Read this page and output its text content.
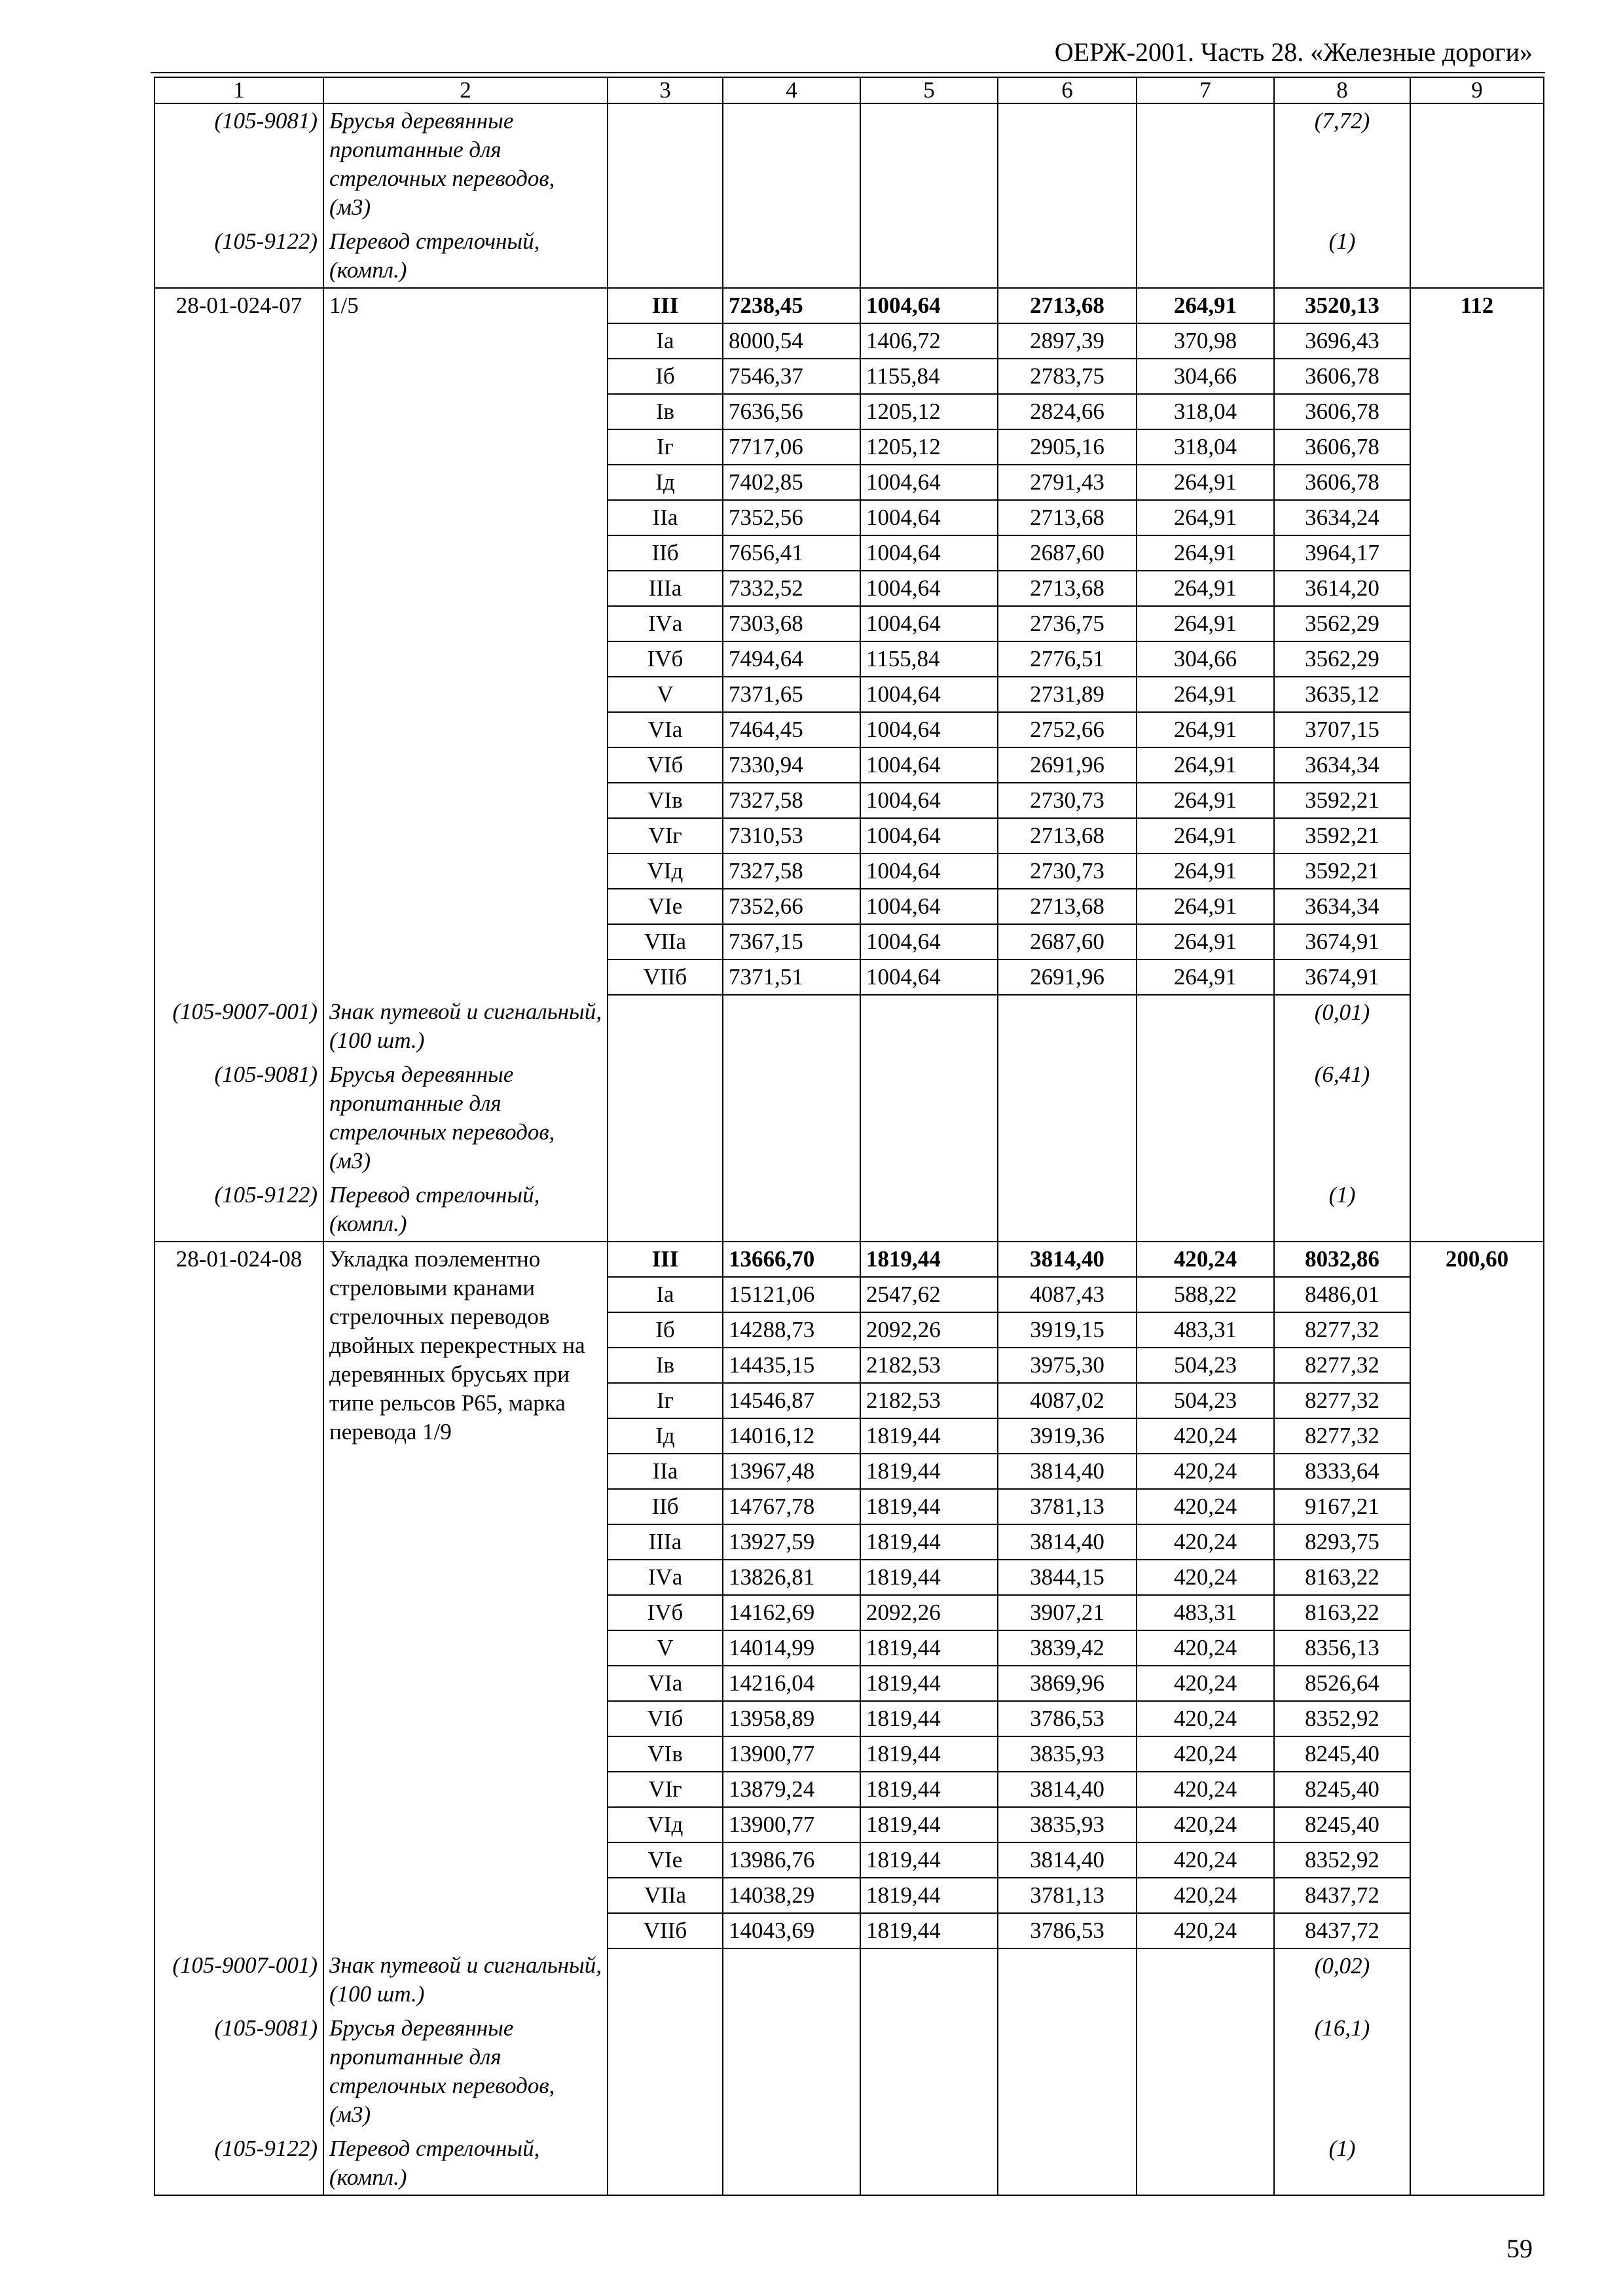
ОЕРЖ-2001. Часть 28. «Железные дороги»
1	2	3	4	5	6	7	8	9
(105-9081)	Брусья деревянные пропитанные для стрелочных переводов, (м3)						(7,72)	
(105-9122)	Перевод стрелочный, (компл.)						(1)	
28-01-024-07	1/5	III	7238,45	1004,64	2713,68	264,91	3520,13	112
		Iа	8000,54	1406,72	2897,39	370,98	3696,43	
		Iб	7546,37	1155,84	2783,75	304,66	3606,78	
		Iв	7636,56	1205,12	2824,66	318,04	3606,78	
		Iг	7717,06	1205,12	2905,16	318,04	3606,78	
		Iд	7402,85	1004,64	2791,43	264,91	3606,78	
		IIа	7352,56	1004,64	2713,68	264,91	3634,24	
		IIб	7656,41	1004,64	2687,60	264,91	3964,17	
		IIIа	7332,52	1004,64	2713,68	264,91	3614,20	
		IVа	7303,68	1004,64	2736,75	264,91	3562,29	
		IVб	7494,64	1155,84	2776,51	304,66	3562,29	
		V	7371,65	1004,64	2731,89	264,91	3635,12	
		VIа	7464,45	1004,64	2752,66	264,91	3707,15	
		VIб	7330,94	1004,64	2691,96	264,91	3634,34	
		VIв	7327,58	1004,64	2730,73	264,91	3592,21	
		VIг	7310,53	1004,64	2713,68	264,91	3592,21	
		VIд	7327,58	1004,64	2730,73	264,91	3592,21	
		VIе	7352,66	1004,64	2713,68	264,91	3634,34	
		VIIа	7367,15	1004,64	2687,60	264,91	3674,91	
		VIIб	7371,51	1004,64	2691,96	264,91	3674,91	
(105-9007-001)	Знак путевой и сигнальный, (100 шт.)						(0,01)	
(105-9081)	Брусья деревянные пропитанные для стрелочных переводов, (м3)						(6,41)	
(105-9122)	Перевод стрелочный, (компл.)						(1)	
28-01-024-08	Укладка поэлементно стреловыми кранами стрелочных переводов двойных перекрестных на деревянных брусьях при типе рельсов Р65, марка перевода 1/9	III	13666,70	1819,44	3814,40	420,24	8032,86	200,60
		Iа	15121,06	2547,62	4087,43	588,22	8486,01	
		Iб	14288,73	2092,26	3919,15	483,31	8277,32	
		Iв	14435,15	2182,53	3975,30	504,23	8277,32	
		Iг	14546,87	2182,53	4087,02	504,23	8277,32	
		Iд	14016,12	1819,44	3919,36	420,24	8277,32	
		IIа	13967,48	1819,44	3814,40	420,24	8333,64	
		IIб	14767,78	1819,44	3781,13	420,24	9167,21	
		IIIа	13927,59	1819,44	3814,40	420,24	8293,75	
		IVа	13826,81	1819,44	3844,15	420,24	8163,22	
		IVб	14162,69	2092,26	3907,21	483,31	8163,22	
		V	14014,99	1819,44	3839,42	420,24	8356,13	
		VIа	14216,04	1819,44	3869,96	420,24	8526,64	
		VIб	13958,89	1819,44	3786,53	420,24	8352,92	
		VIв	13900,77	1819,44	3835,93	420,24	8245,40	
		VIг	13879,24	1819,44	3814,40	420,24	8245,40	
		VIд	13900,77	1819,44	3835,93	420,24	8245,40	
		VIе	13986,76	1819,44	3814,40	420,24	8352,92	
		VIIа	14038,29	1819,44	3781,13	420,24	8437,72	
		VIIб	14043,69	1819,44	3786,53	420,24	8437,72	
(105-9007-001)	Знак путевой и сигнальный, (100 шт.)						(0,02)	
(105-9081)	Брусья деревянные пропитанные для стрелочных переводов, (м3)						(16,1)	
(105-9122)	Перевод стрелочный, (компл.)						(1)	
59
